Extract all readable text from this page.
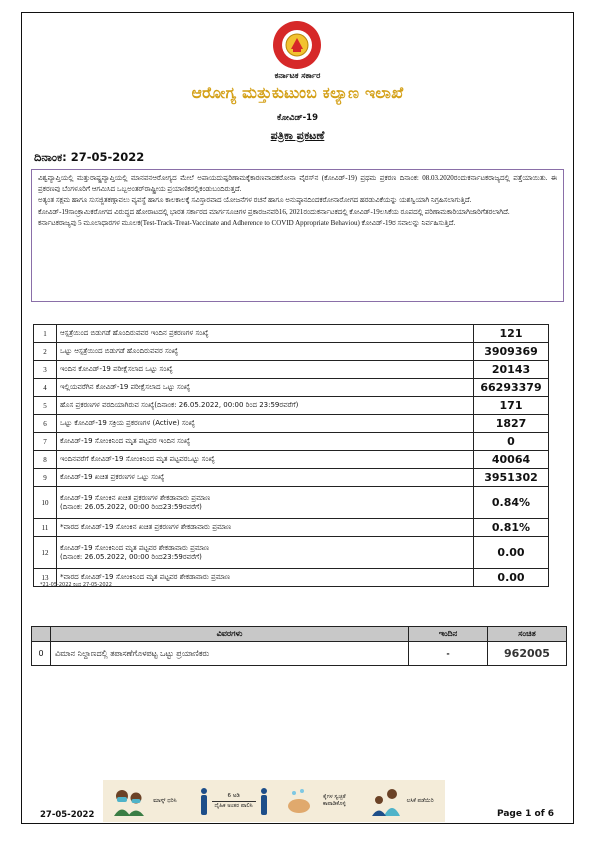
ಕರ್ನಾಟಕ ಸರ್ಕಾರ
ಆರೋಗ್ಯ ಮತ್ತುಕುಟುಂಬ ಕಲ್ಯಾಣ ಇಲಾಖೆ
ಕೋವಿಡ್-19
ಪತ್ರಿಕಾ ಪ್ರಕಟಣೆ
ದಿನಾಂಕ: 27-05-2022

ವಿಶ್ವವ್ಯಾಪ್ತಿಯಲ್ಲಿ ಮತ್ತುರಾಷ್ಟ್ರವ್ಯಾಪ್ತಿಯಲ್ಲಿ ಮಾನವನಆರೋಗ್ಯದ ಮೇಲೆ ಅಪಾಯದುಷ್ಪರಿಣಾಮಕ್ಕೆಕಾರಣವಾದಕರೋನಾ ವೈರಸ್‌ನ (ಕೋವಿಡ್-19) ಪ್ರಥಮ ಪ್ರಕರಣ ದಿನಾಂಕ: 08.03.2020ರಂದುಕರ್ನಾಟಕರಾಜ್ಯದಲ್ಲಿ ಪತ್ತೆಯಾಯಿತು. ಈ ಪ್ರಕರಣವು ಬೆಂಗಳೂರಿಗೆ ಆಗಮಿಸಿದ ಒಬ್ಬಅಂತರ್‌ರಾಷ್ಟ್ರೀಯ ಪ್ರಯಾಣಿಕರಲ್ಲಿಕಂಡುಬಂದಿರುತ್ತದೆ.

ಅತ್ಯಂತ ಸಕ್ಷಮ ಹಾಗೂ ಸುಸಜ್ಜಿತಕಣ್ಗಾವಲು ವ್ಯವಸ್ಥೆ ಹಾಗೂ ಕಾಲಕಾಲಕ್ಕೆ ಸವಿಸ್ತಾರವಾದ ಯೋಜನೆಗಳ ರಚನೆ ಹಾಗೂ ಅನುಷ್ಠಾನದಿಂದಕರೋನಾರೋಗದ ಹರಡುವಿಕೆಯನ್ನು ಯಶಸ್ವಿಯಾಗಿ ನಿಗ್ರಹಿಸಲಾಗುತ್ತಿದೆ.

ಕೋವಿಡ್-19ಸಾಂಕ್ರಾಮಿಕರೋಗದ ವಿರುದ್ಧದ ಹೋರಾಟದಲ್ಲಿ ಭಾರತ ಸರ್ಕಾರದ ಮಾರ್ಗಸೂಚಿಗಳ ಪ್ರಕಾರಜನವರಿ16, 2021ರಂದುಕರ್ನಾಟಕದಲ್ಲಿ ಕೋವಿಡ್-19ಲಸಿಕೆಯ ರೂಪದಲ್ಲಿ ಪರಿಣಾಮಕಾರಿಯಾಗಿಜಾರಿಗೆತರಲಾಗಿದೆ.

ಕರ್ನಾಟಕರಾಜ್ಯವು 5 ಮೂಲಾಧಾರಗಳ ಮೂಲಕ(Test-Track-Treat-Vaccinate and Adherence to COVID Appropriate Behaviou) ಕೋವಿಡ್-19ರ ಸವಾಲನ್ನು ನಿರ್ವಹಿಸುತ್ತಿದೆ.

1	ಆಸ್ಪತ್ರೆಯಿಂದ ಬಿಡುಗಡೆ ಹೊಂದಿರುವವರ ಇಂದಿನ ಪ್ರಕರಣಗಳ ಸಂಖ್ಯೆ	121
2	ಒಟ್ಟು ಆಸ್ಪತ್ರೆಯಿಂದ ಬಿಡುಗಡೆ ಹೊಂದಿರುವವರ ಸಂಖ್ಯೆ	3909369
3	ಇಂದಿನ ಕೋವಿಡ್-19 ಪರೀಕ್ಷೆಸಲಾದ ಒಟ್ಟು ಸಂಖ್ಯೆ	20143
4	ಇಲ್ಲಿಯವರೆಗಿನ ಕೋವಿಡ್-19 ಪರೀಕ್ಷೆಸಲಾದ ಒಟ್ಟು ಸಂಖ್ಯೆ	66293379
5	ಹೊಸ ಪ್ರಕರಣಗಳ ವರದಿಯಾಗಿರುವ ಸಂಖ್ಯೆ(ದಿನಾಂಕ: 26.05.2022, 00:00 ರಿಂದ 23:59ರವರೆಗೆ)	171
6	ಒಟ್ಟು ಕೋವಿಡ್-19 ಸಕ್ರಿಯ ಪ್ರಕರಣಗಳ (Active) ಸಂಖ್ಯೆ	1827
7	ಕೋವಿಡ್-19 ಸೋಂಕಿನಿಂದ ಮೃತ ಪಟ್ಟವರ ಇಂದಿನ ಸಂಖ್ಯೆ	0
8	ಇಂದಿನವರೆಗೆ ಕೋವಿಡ್-19 ಸೋಂಕಿನಿಂದ ಮೃತ ಪಟ್ಟವರಒಟ್ಟು ಸಂಖ್ಯೆ	40064
9	ಕೋವಿಡ್-19 ಖಚಿತ ಪ್ರಕರಣಗಳ ಒಟ್ಟು ಸಂಖ್ಯೆ	3951302
10	ಕೋವಿಡ್-19 ಸೋಂಕಿನ ಖಚಿತ ಪ್ರಕರಣಗಳ ಶೇಕಡಾವಾರು ಪ್ರಮಾಣ
(ದಿನಾಂಕ: 26.05.2022, 00:00 ರಿಂದ23:59ರವರೆಗೆ)	0.84%
11	*ವಾರದ ಕೋವಿಡ್-19 ಸೋಂಕಿನ ಖಚಿತ ಪ್ರಕರಣಗಳ ಶೇಕಡಾವಾರು ಪ್ರಮಾಣ	0.81%
12	ಕೋವಿಡ್-19 ಸೋಂಕಿನಿಂದ ಮೃತ ಪಟ್ಟವರ ಶೇಕಡಾವಾರು ಪ್ರಮಾಣ
(ದಿನಾಂಕ: 26.05.2022, 00:00 ರಿಂದ23:59ರವರೆಗೆ)	0.00
13	*ವಾರದ ಕೋವಿಡ್-19 ಸೋಂಕಿನಿಂದ ಮೃತ ಪಟ್ಟವರ ಶೇಕಡಾವಾರು ಪ್ರಮಾಣ	0.00
*21-05-2022 ರಿಂದ 27-05-2022
	ವಿವರಗಳು	ಇಂದಿನ	ಸಂಚಿತ
0	ವಿಮಾನ ನಿಲ್ದಾಣದಲ್ಲಿ ತಪಾಸಣೆಗೊಳಪಟ್ಟ ಒಟ್ಟು ಪ್ರಯಾಣಿಕರು	-	962005
ಮಾಸ್ಕ್ ಧರಿಸಿ
6 ಅಡಿ
ದೈಹಿಕ ಅಂತರ ಪಾಲಿಸಿ
ಕೈಗಳ ಸ್ವಚ್ಛತೆ ಕಾಪಾಡಿಕೊಳ್ಳಿ
ಲಸಿಕೆ ಪಡೆಯಿರಿ
27-05-2022	Page 1 of 6
